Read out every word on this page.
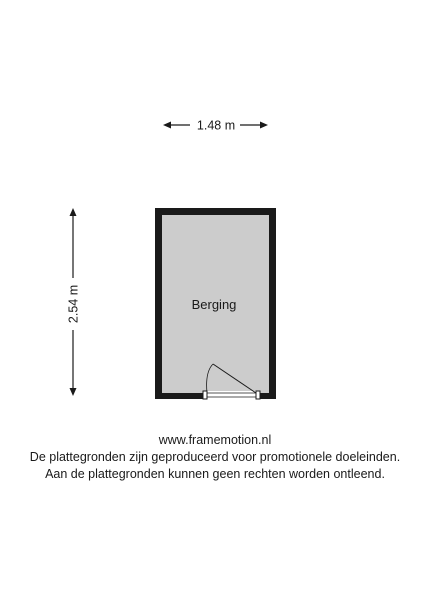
1.48 m
2.54 m	Berging
www.framemotion.nl
De plattegronden zijn geproduceerd voor promotionele doeleinden.
Aan de plattegronden kunnen geen rechten worden ontleend.
